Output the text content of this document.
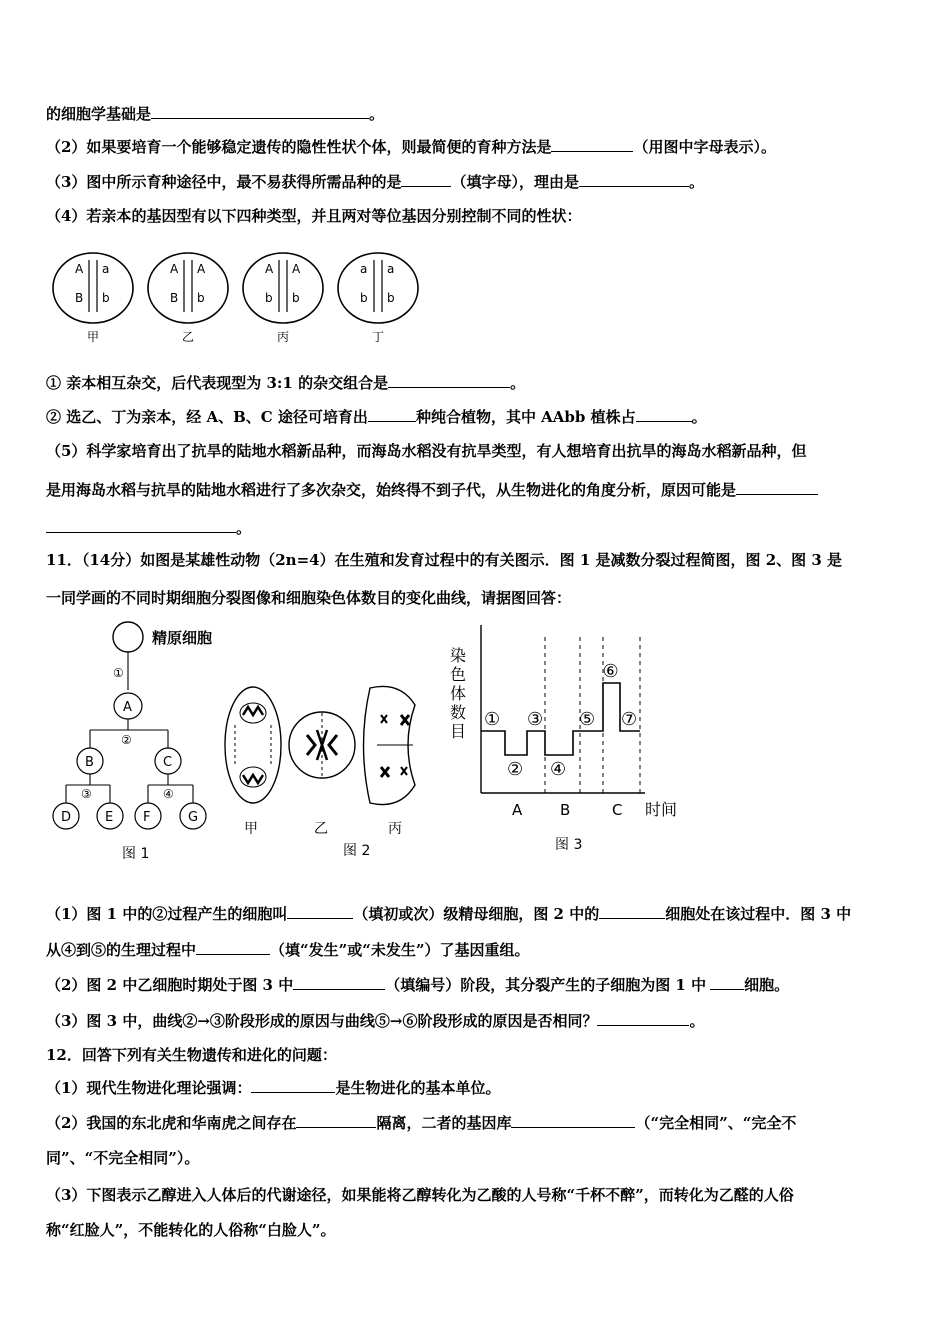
的细胞学基础是	。
（2）如果要培育一个能够稳定遗传的隐性性状个体，则最简便的育种方法是	（用图中字母表示）。
（3）图中所示育种途径中，最不易获得所需品种的是	（填字母），理由是	。
（4）若亲本的基因型有以下四种类型，并且两对等位基因分别控制不同的性状：
A a
B b
甲
A A
B b
乙
A A
b b
丙
a a
b b
丁
① 亲本相互杂交，后代表现型为 3:1 的杂交组合是	。
② 选乙、丁为亲本，经 A、B、C 途径可培育出	种纯合植物，其中 AAbb 植株占	。
（5）科学家培育出了抗旱的陆地水稻新品种，而海岛水稻没有抗旱类型，有人想培育出抗旱的海岛水稻新品种，但
是用海岛水稻与抗旱的陆地水稻进行了多次杂交，始终得不到子代，从生物进化的角度分析，原因可能是
。
11．（14分）如图是某雄性动物（2n=4）在生殖和发育过程中的有关图示．图 1 是减数分裂过程简图，图 2、图 3 是
一同学画的不同时期细胞分裂图像和细胞染色体数目的变化曲线，请据图回答：
精原细胞
①
A
②
B	C
③	④
D	E F	G
图 1
甲	乙	丙
图 2
染色体数目 ①
②
③
④
⑤
⑥
⑦
A	B	C 时间
图 3
（1）图 1 中的②过程产生的细胞叫	（填初或次）级精母细胞，图 2 中的	细胞处在该过程中．图 3 中
从④到⑤的生理过程中	（填“发生”或“未发生”）了基因重组。
（2）图 2 中乙细胞时期处于图 3 中	（填编号）阶段，其分裂产生的子细胞为图 1 中	细胞。
（3）图 3 中，曲线②→③阶段形成的原因与曲线⑤→⑥阶段形成的原因是否相同？	。
12．回答下列有关生物遗传和进化的问题：
（1）现代生物进化理论强调：	是生物进化的基本单位。
（2）我国的东北虎和华南虎之间存在	隔离，二者的基因库	（“完全相同”、“完全不
同”、“不完全相同”）。
（3）下图表示乙醇进入人体后的代谢途径，如果能将乙醇转化为乙酸的人号称“千杯不醉”，而转化为乙醛的人俗
称“红脸人”，不能转化的人俗称“白脸人”。
